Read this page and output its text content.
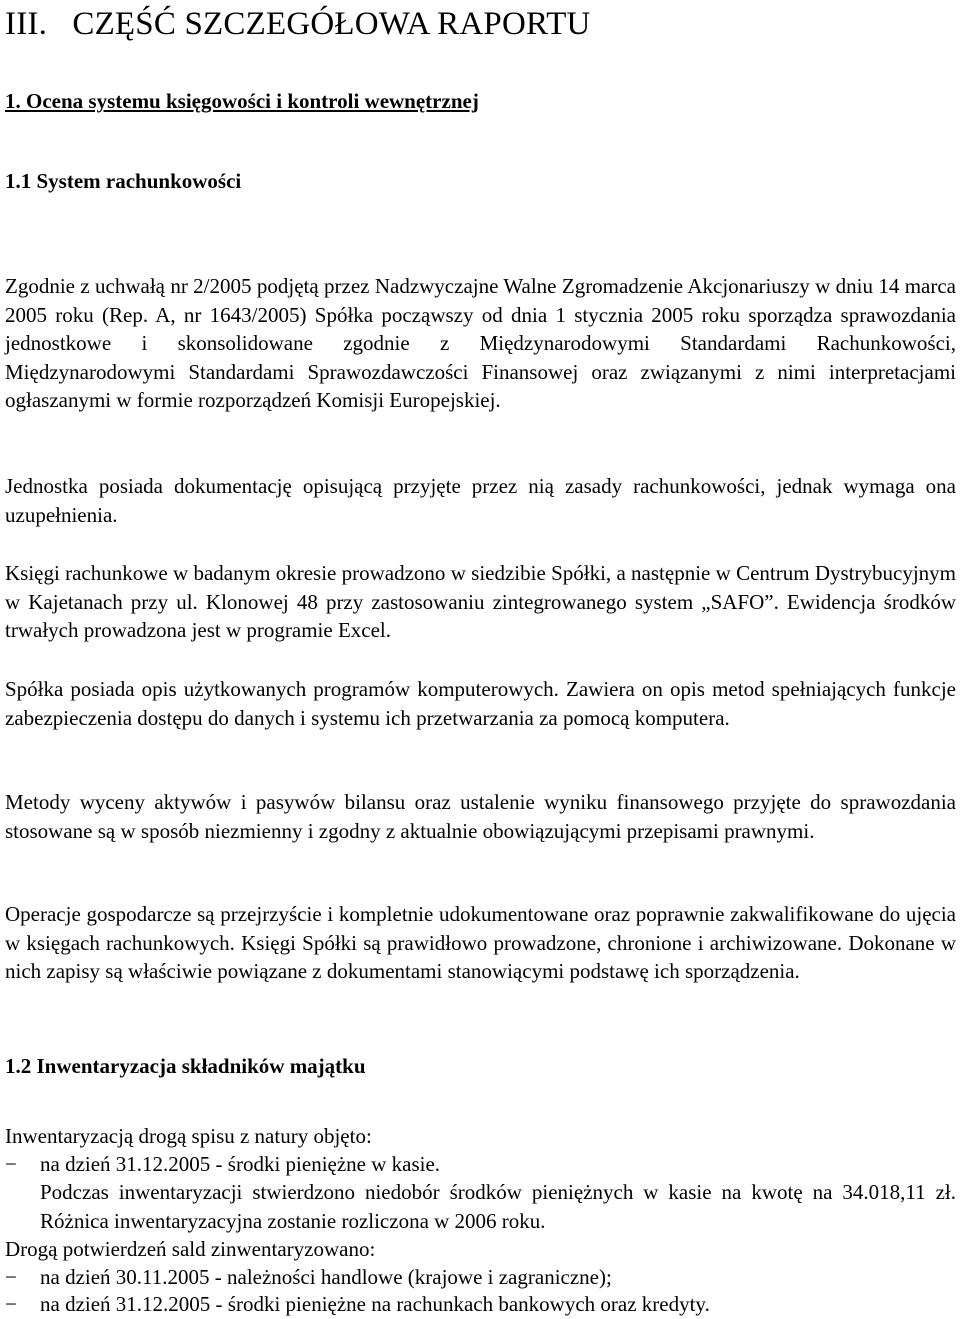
III.   CZĘŚĆ SZCZEGÓŁOWA RAPORTU
1. Ocena systemu księgowości i kontroli wewnętrznej
1.1 System rachunkowości

Zgodnie z uchwałą nr 2/2005 podjętą przez Nadzwyczajne Walne Zgromadzenie Akcjonariuszy w dniu 14 marca 2005 roku (Rep. A, nr 1643/2005) Spółka począwszy od dnia 1 stycznia 2005 roku sporządza sprawozdania jednostkowe i skonsolidowane zgodnie z Międzynarodowymi Standardami Rachunkowości, Międzynarodowymi Standardami Sprawozdawczości Finansowej oraz związanymi z nimi interpretacjami ogłaszanymi w formie rozporządzeń Komisji Europejskiej.

Jednostka posiada dokumentację opisującą przyjęte przez nią zasady rachunkowości, jednak wymaga ona uzupełnienia.

Księgi rachunkowe w badanym okresie prowadzono w siedzibie Spółki, a następnie w Centrum Dystrybucyjnym w Kajetanach przy ul. Klonowej 48 przy zastosowaniu zintegrowanego system „SAFO”. Ewidencja środków trwałych prowadzona jest w programie Excel.

Spółka posiada opis użytkowanych programów komputerowych. Zawiera on opis metod spełniających funkcje zabezpieczenia dostępu do danych i systemu ich przetwarzania za pomocą komputera.

Metody wyceny aktywów i pasywów bilansu oraz ustalenie wyniku finansowego przyjęte do sprawozdania stosowane są w sposób niezmienny i zgodny z aktualnie obowiązującymi przepisami prawnymi.

Operacje gospodarcze są przejrzyście i kompletnie udokumentowane oraz poprawnie zakwalifikowane do ujęcia w księgach rachunkowych. Księgi Spółki są prawidłowo prowadzone, chronione i archiwizowane. Dokonane w nich zapisy są właściwie powiązane z dokumentami stanowiącymi podstawę ich sporządzenia.

1.2 Inwentaryzacja składników majątku
Inwentaryzacją drogą spisu z natury objęto:
− na dzień 31.12.2005 - środki pieniężne w kasie.

Podczas inwentaryzacji stwierdzono niedobór środków pieniężnych w kasie na kwotę na 34.018,11 zł. Różnica inwentaryzacyjna zostanie rozliczona w 2006 roku.

Drogą potwierdzeń sald zinwentaryzowano:
− na dzień 30.11.2005 - należności handlowe (krajowe i zagraniczne);
− na dzień 31.12.2005 - środki pieniężne na rachunkach bankowych oraz kredyty.
